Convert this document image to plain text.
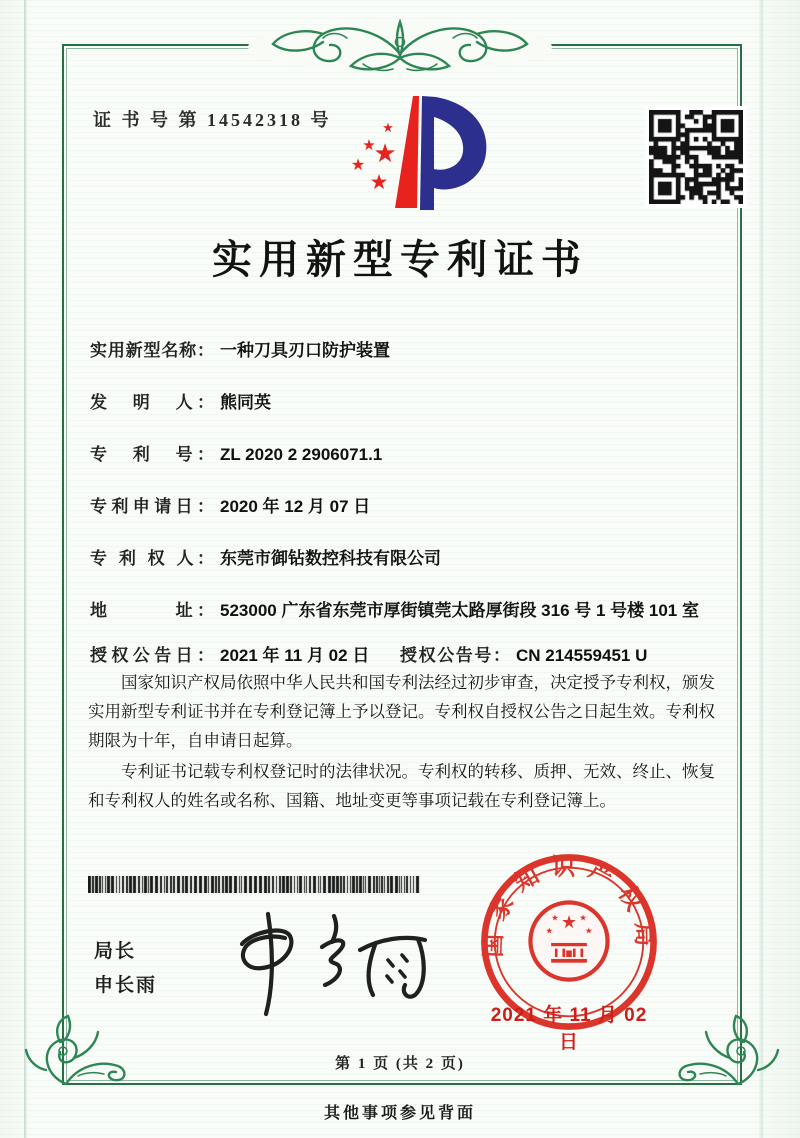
证 书 号 第 14542318 号	★
★
★
★
★
实用新型专利证书
实用新型名称： 一种刀具刃口防护装置
发　明　人： 熊同英
专　利　号： ZL 2020 2 2906071.1
专利申请日： 2020 年 12 月 07 日
专 利 权 人： 东莞市御钻数控科技有限公司
地　　　址： 523000 广东省东莞市厚街镇莞太路厚街段 316 号 1 号楼 101 室
授权公告日： 2021 年 11 月 02 日	授权公告号： CN 214559451 U

国家知识产权局依照中华人民共和国专利法经过初步审查，决定授予专利权，颁发实用新型专利证书并在专利登记簿上予以登记。专利权自授权公告之日起生效。专利权期限为十年，自申请日起算。

专利证书记载专利权登记时的法律状况。专利权的转移、质押、无效、终止、恢复和专利权人的姓名或名称、国籍、地址变更等事项记载在专利登记簿上。

局长
申长雨
国家知识产权局
★
★ ★
★	★
2021 年 11 月 02 日
第 1 页 (共 2 页)
其他事项参见背面
